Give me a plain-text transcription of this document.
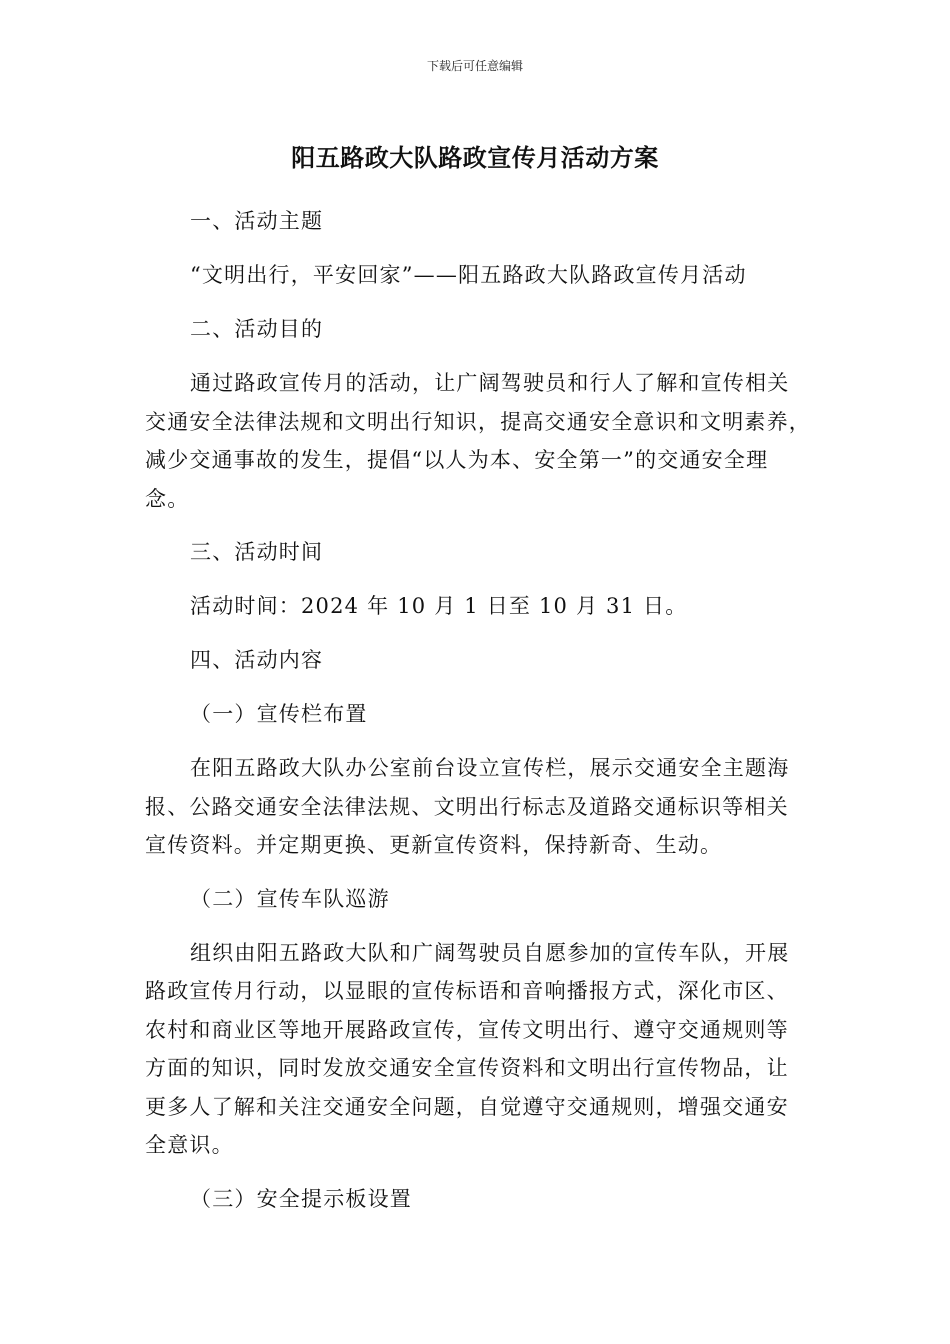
下载后可任意编辑
阳五路政大队路政宣传月活动方案
一、活动主题
“文明出行，平安回家”——阳五路政大队路政宣传月活动
二、活动目的
通过路政宣传月的活动，让广阔驾驶员和行人了解和宣传相关
交通安全法律法规和文明出行知识，提高交通安全意识和文明素养，
减少交通事故的发生，提倡“以人为本、安全第一”的交通安全理
念。
三、活动时间
活动时间：2024 年 10 月 1 日至 10 月 31 日。
四、活动内容
（一）宣传栏布置
在阳五路政大队办公室前台设立宣传栏，展示交通安全主题海
报、公路交通安全法律法规、文明出行标志及道路交通标识等相关
宣传资料。并定期更换、更新宣传资料，保持新奇、生动。
（二）宣传车队巡游
组织由阳五路政大队和广阔驾驶员自愿参加的宣传车队，开展
路政宣传月行动，以显眼的宣传标语和音响播报方式，深化市区、
农村和商业区等地开展路政宣传，宣传文明出行、遵守交通规则等
方面的知识，同时发放交通安全宣传资料和文明出行宣传物品，让
更多人了解和关注交通安全问题，自觉遵守交通规则，增强交通安
全意识。
（三）安全提示板设置
